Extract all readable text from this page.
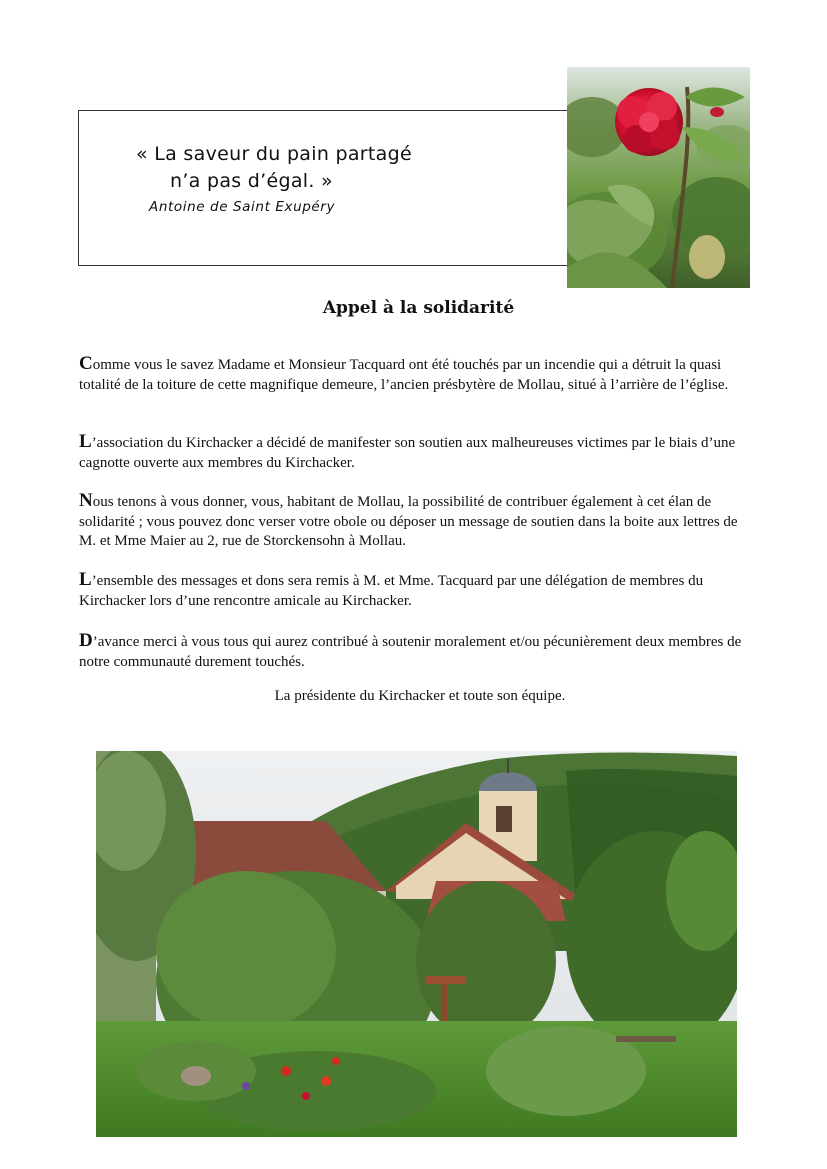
« La saveur du pain partagé
n’a pas d’égal. »
Antoine de Saint Exupéry
Appel à la solidarité

Comme vous le savez Madame et Monsieur Tacquard ont été touchés par un incendie qui a détruit la quasi totalité de la toiture de cette magnifique demeure, l’ancien présbytère de Mollau, situé à l’arrière de l’église.

L’association du Kirchacker a décidé de manifester son soutien aux malheureuses victimes par le biais d’une cagnotte ouverte aux membres du Kirchacker.

Nous tenons à vous donner, vous, habitant de Mollau, la possibilité de contribuer également à cet élan de solidarité ; vous pouvez donc verser votre obole ou déposer un message de soutien dans la boite aux lettres de M. et Mme Maier au 2, rue de Storckensohn à Mollau.

L’ensemble des messages et dons sera remis à M. et Mme. Tacquard par une délégation de membres du Kirchacker lors d’une rencontre amicale au Kirchacker.

D’avance merci à vous tous qui aurez contribué à soutenir moralement et/ou pécunièrement deux membres de notre communauté durement touchés.

La présidente du Kirchacker et toute son équipe.
